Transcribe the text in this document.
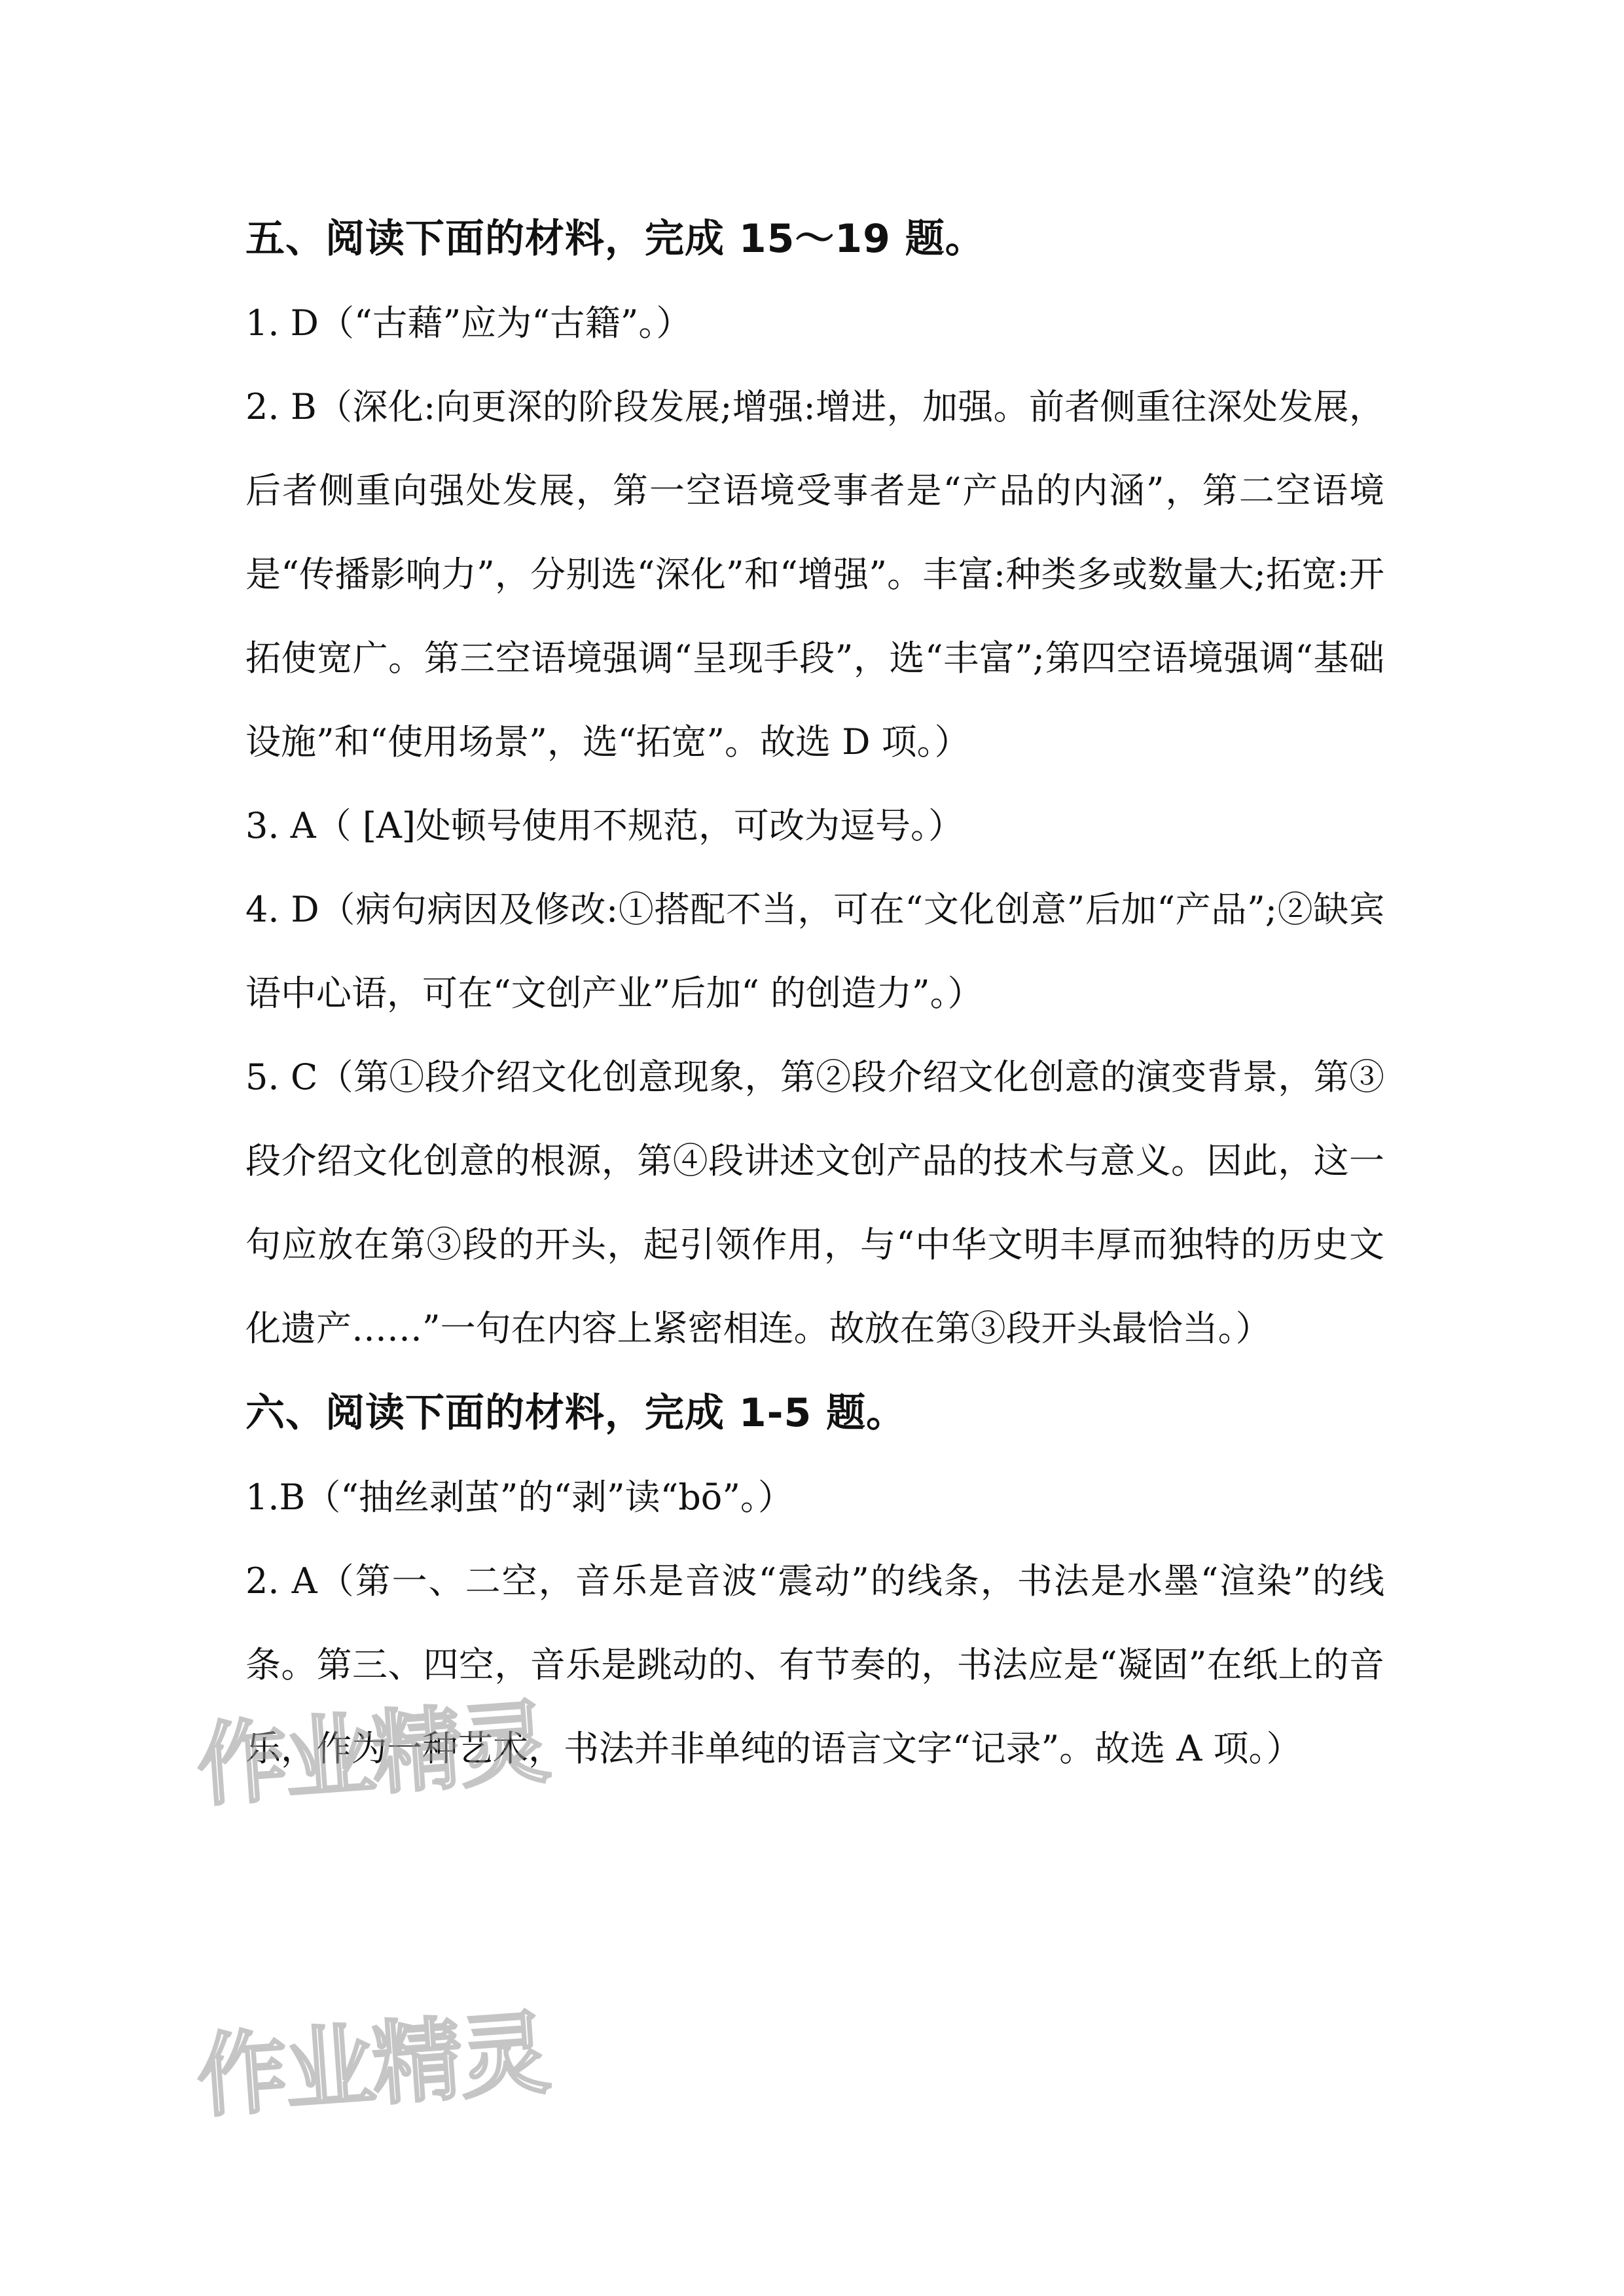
五、阅读下面的材料，完成 15～19 题。

1. D（“古藉”应为“古籍”。）

2. B（深化:向更深的阶段发展;增强:增进，加强。前者侧重往深处发展，后者侧重向强处发展，第一空语境受事者是“产品的内涵”，第二空语境是“传播影响力”，分别选“深化”和“增强”。丰富:种类多或数量大;拓宽:开拓使宽广。第三空语境强调“呈现手段”，选“丰富”;第四空语境强调“基础设施”和“使用场景”，选“拓宽”。故选 D 项。）

3. A（ [A]处顿号使用不规范，可改为逗号。）

4. D（病句病因及修改:①搭配不当，可在“文化创意”后加“产品”;②缺宾语中心语，可在“文创产业”后加“ 的创造力”。）

5. C（第①段介绍文化创意现象，第②段介绍文化创意的演变背景，第③段介绍文化创意的根源，第④段讲述文创产品的技术与意义。因此，这一句应放在第③段的开头，起引领作用，与“中华文明丰厚而独特的历史文化遗产……”一句在内容上紧密相连。故放在第③段开头最恰当。）

六、阅读下面的材料，完成 1-5 题。

1.B（“抽丝剥茧”的“剥”读“bō”。）

2. A（第一、二空，音乐是音波“震动”的线条，书法是水墨“渲染”的线条。第三、四空，音乐是跳动的、有节奏的，书法应是“凝固”在纸上的音乐，作为一种艺术，书法并非单纯的语言文字“记录”。故选 A 项。）

作业精灵
作业精灵
